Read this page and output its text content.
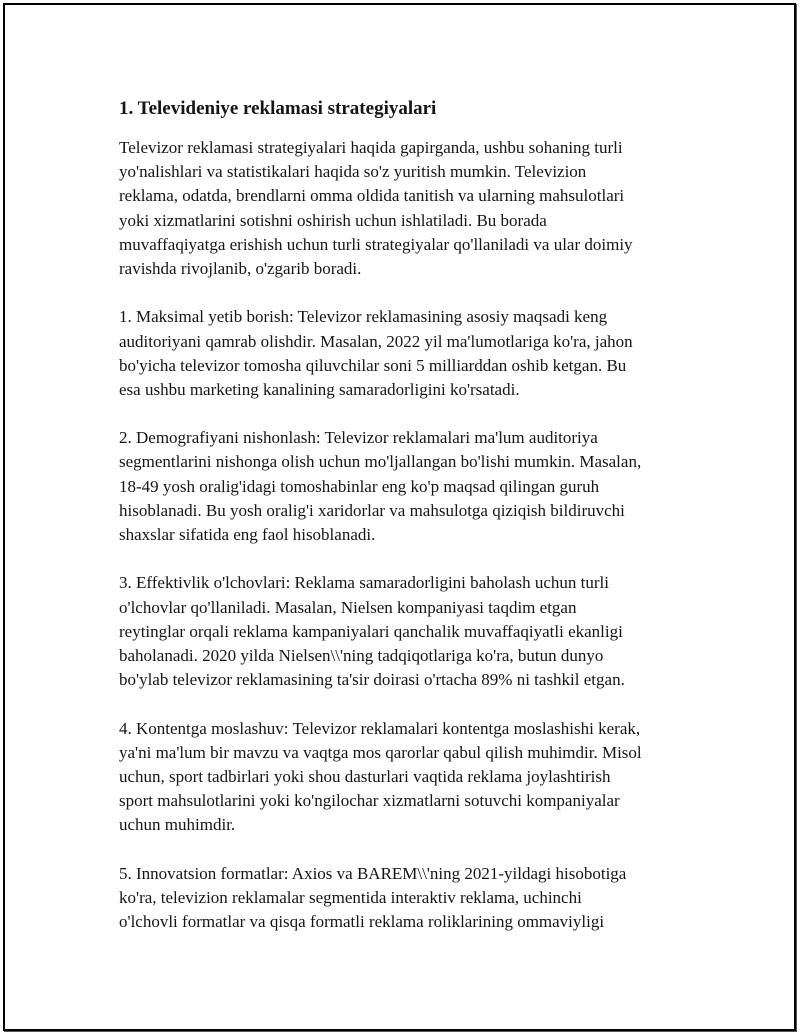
1. Televideniye reklamasi strategiyalari
Televizor reklamasi strategiyalari haqida gapirganda, ushbu sohaning turli
yo'nalishlari va statistikalari haqida so'z yuritish mumkin. Televizion
reklama, odatda, brendlarni omma oldida tanitish va ularning mahsulotlari
yoki xizmatlarini sotishni oshirish uchun ishlatiladi. Bu borada
muvaffaqiyatga erishish uchun turli strategiyalar qo'llaniladi va ular doimiy
ravishda rivojlanib, o'zgarib boradi.
1. Maksimal yetib borish: Televizor reklamasining asosiy maqsadi keng
auditoriyani qamrab olishdir. Masalan, 2022 yil ma'lumotlariga ko'ra, jahon
bo'yicha televizor tomosha qiluvchilar soni 5 milliarddan oshib ketgan. Bu
esa ushbu marketing kanalining samaradorligini ko'rsatadi.
2. Demografiyani nishonlash: Televizor reklamalari ma'lum auditoriya
segmentlarini nishonga olish uchun mo'ljallangan bo'lishi mumkin. Masalan,
18-49 yosh oralig'idagi tomoshabinlar eng ko'p maqsad qilingan guruh
hisoblanadi. Bu yosh oralig'i xaridorlar va mahsulotga qiziqish bildiruvchi
shaxslar sifatida eng faol hisoblanadi.
3. Effektivlik o'lchovlari: Reklama samaradorligini baholash uchun turli
o'lchovlar qo'llaniladi. Masalan, Nielsen kompaniyasi taqdim etgan
reytinglar orqali reklama kampaniyalari qanchalik muvaffaqiyatli ekanligi
baholanadi. 2020 yilda Nielsen\\'ning tadqiqotlariga ko'ra, butun dunyo
bo'ylab televizor reklamasining ta'sir doirasi o'rtacha 89% ni tashkil etgan.
4. Kontentga moslashuv: Televizor reklamalari kontentga moslashishi kerak,
ya'ni ma'lum bir mavzu va vaqtga mos qarorlar qabul qilish muhimdir. Misol
uchun, sport tadbirlari yoki shou dasturlari vaqtida reklama joylashtirish
sport mahsulotlarini yoki ko'ngilochar xizmatlarni sotuvchi kompaniyalar
uchun muhimdir.
5. Innovatsion formatlar: Axios va BAREM\\'ning 2021-yildagi hisobotiga
ko'ra, televizion reklamalar segmentida interaktiv reklama, uchinchi
o'lchovli formatlar va qisqa formatli reklama roliklarining ommaviyligi
